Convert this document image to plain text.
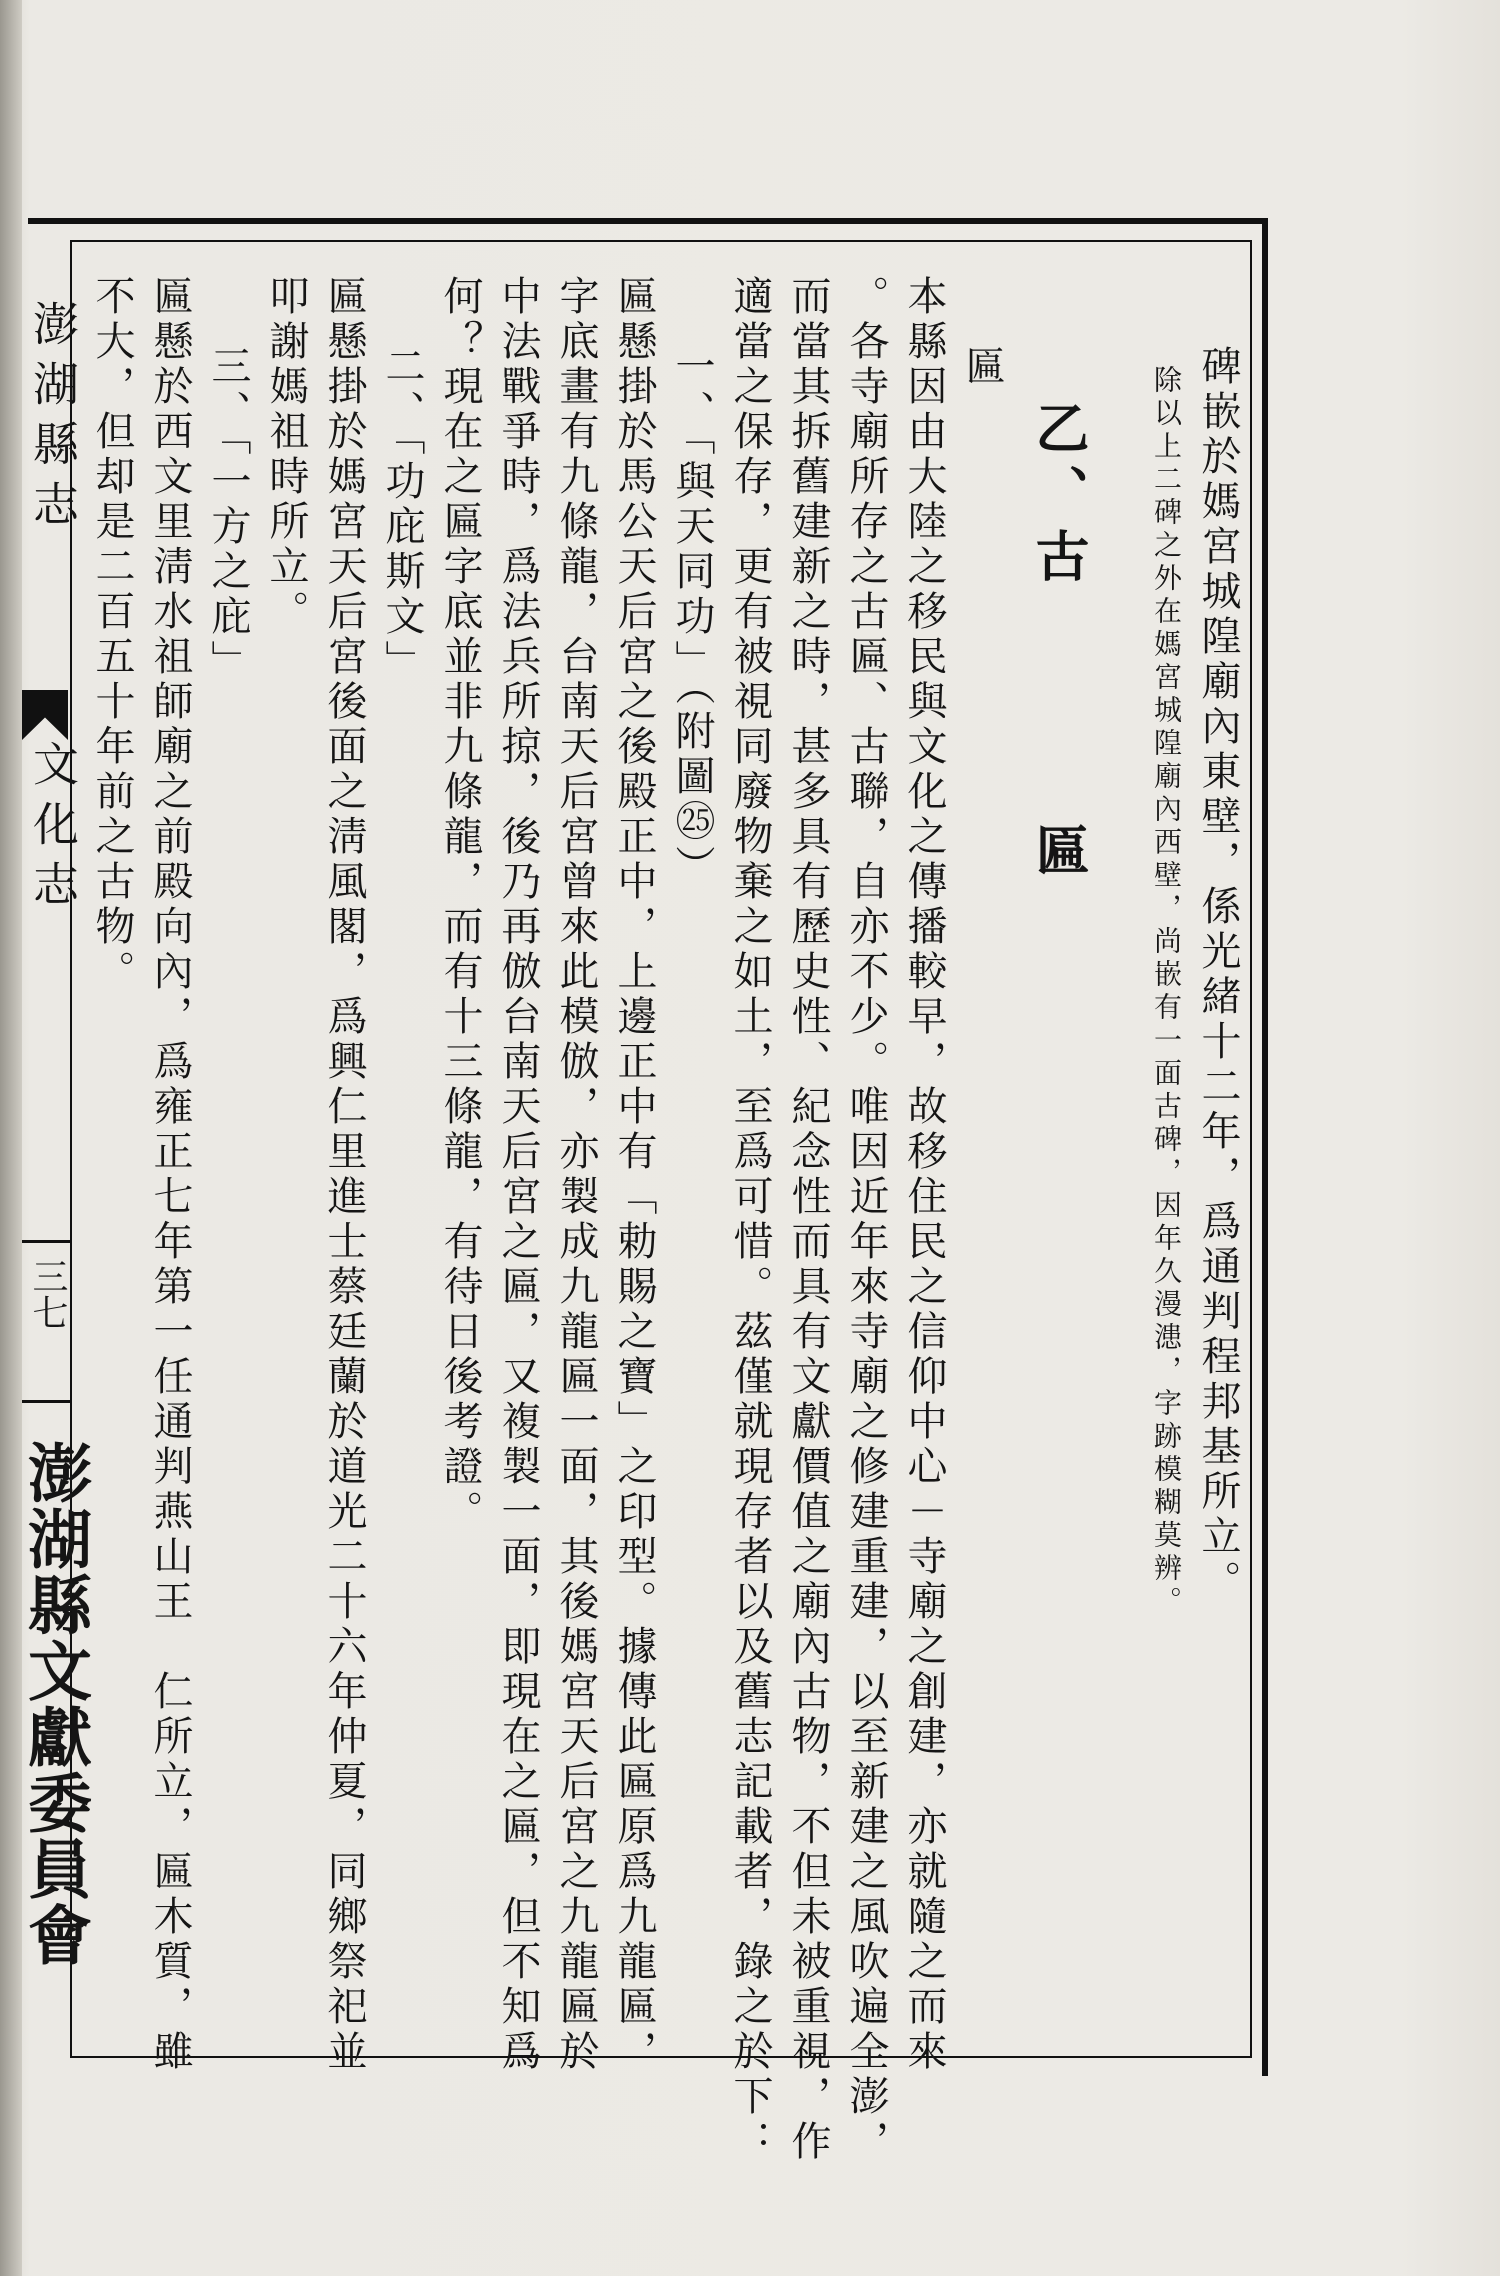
澎湖縣志
文化志
三七
澎湖縣文獻委員會
碑嵌於媽宮城隍廟內東壁，係光緒十二年，爲通判程邦基所立。
除以上二碑之外在媽宮城隍廟內西壁，尚嵌有一面古碑，因年久漫漶，字跡模糊莫辨。
乙、古匾
匾
本縣因由大陸之移民與文化之傳播較早，故移住民之信仰中心－寺廟之創建，亦就隨之而來
。各寺廟所存之古匾、古聯，自亦不少。唯因近年來寺廟之修建重建，以至新建之風吹遍全澎，
而當其拆舊建新之時，甚多具有歷史性、紀念性而具有文獻價值之廟內古物，不但未被重視，作
適當之保存，更有被視同廢物棄之如土，至爲可惜。茲僅就現存者以及舊志記載者，錄之於下：
一、「與天同功」（附圖㉕）
匾懸掛於馬公天后宮之後殿正中，上邊正中有「勅賜之寶」之印型。據傳此匾原爲九龍匾，
字底畫有九條龍，台南天后宮曾來此模倣，亦製成九龍匾一面，其後媽宮天后宮之九龍匾於
中法戰爭時，爲法兵所掠，後乃再倣台南天后宮之匾，又複製一面，即現在之匾，但不知爲
何？現在之匾字底並非九條龍，而有十三條龍，有待日後考證。
二、「功庇斯文」
匾懸掛於媽宮天后宮後面之淸風閣，爲興仁里進士蔡廷蘭於道光二十六年仲夏，同鄉祭祀並
叩謝媽祖時所立。
三、「一方之庇」
匾懸於西文里淸水祖師廟之前殿向內，爲雍正七年第一任通判燕山王　仁所立，匾木質，雖
不大，但却是二百五十年前之古物。
